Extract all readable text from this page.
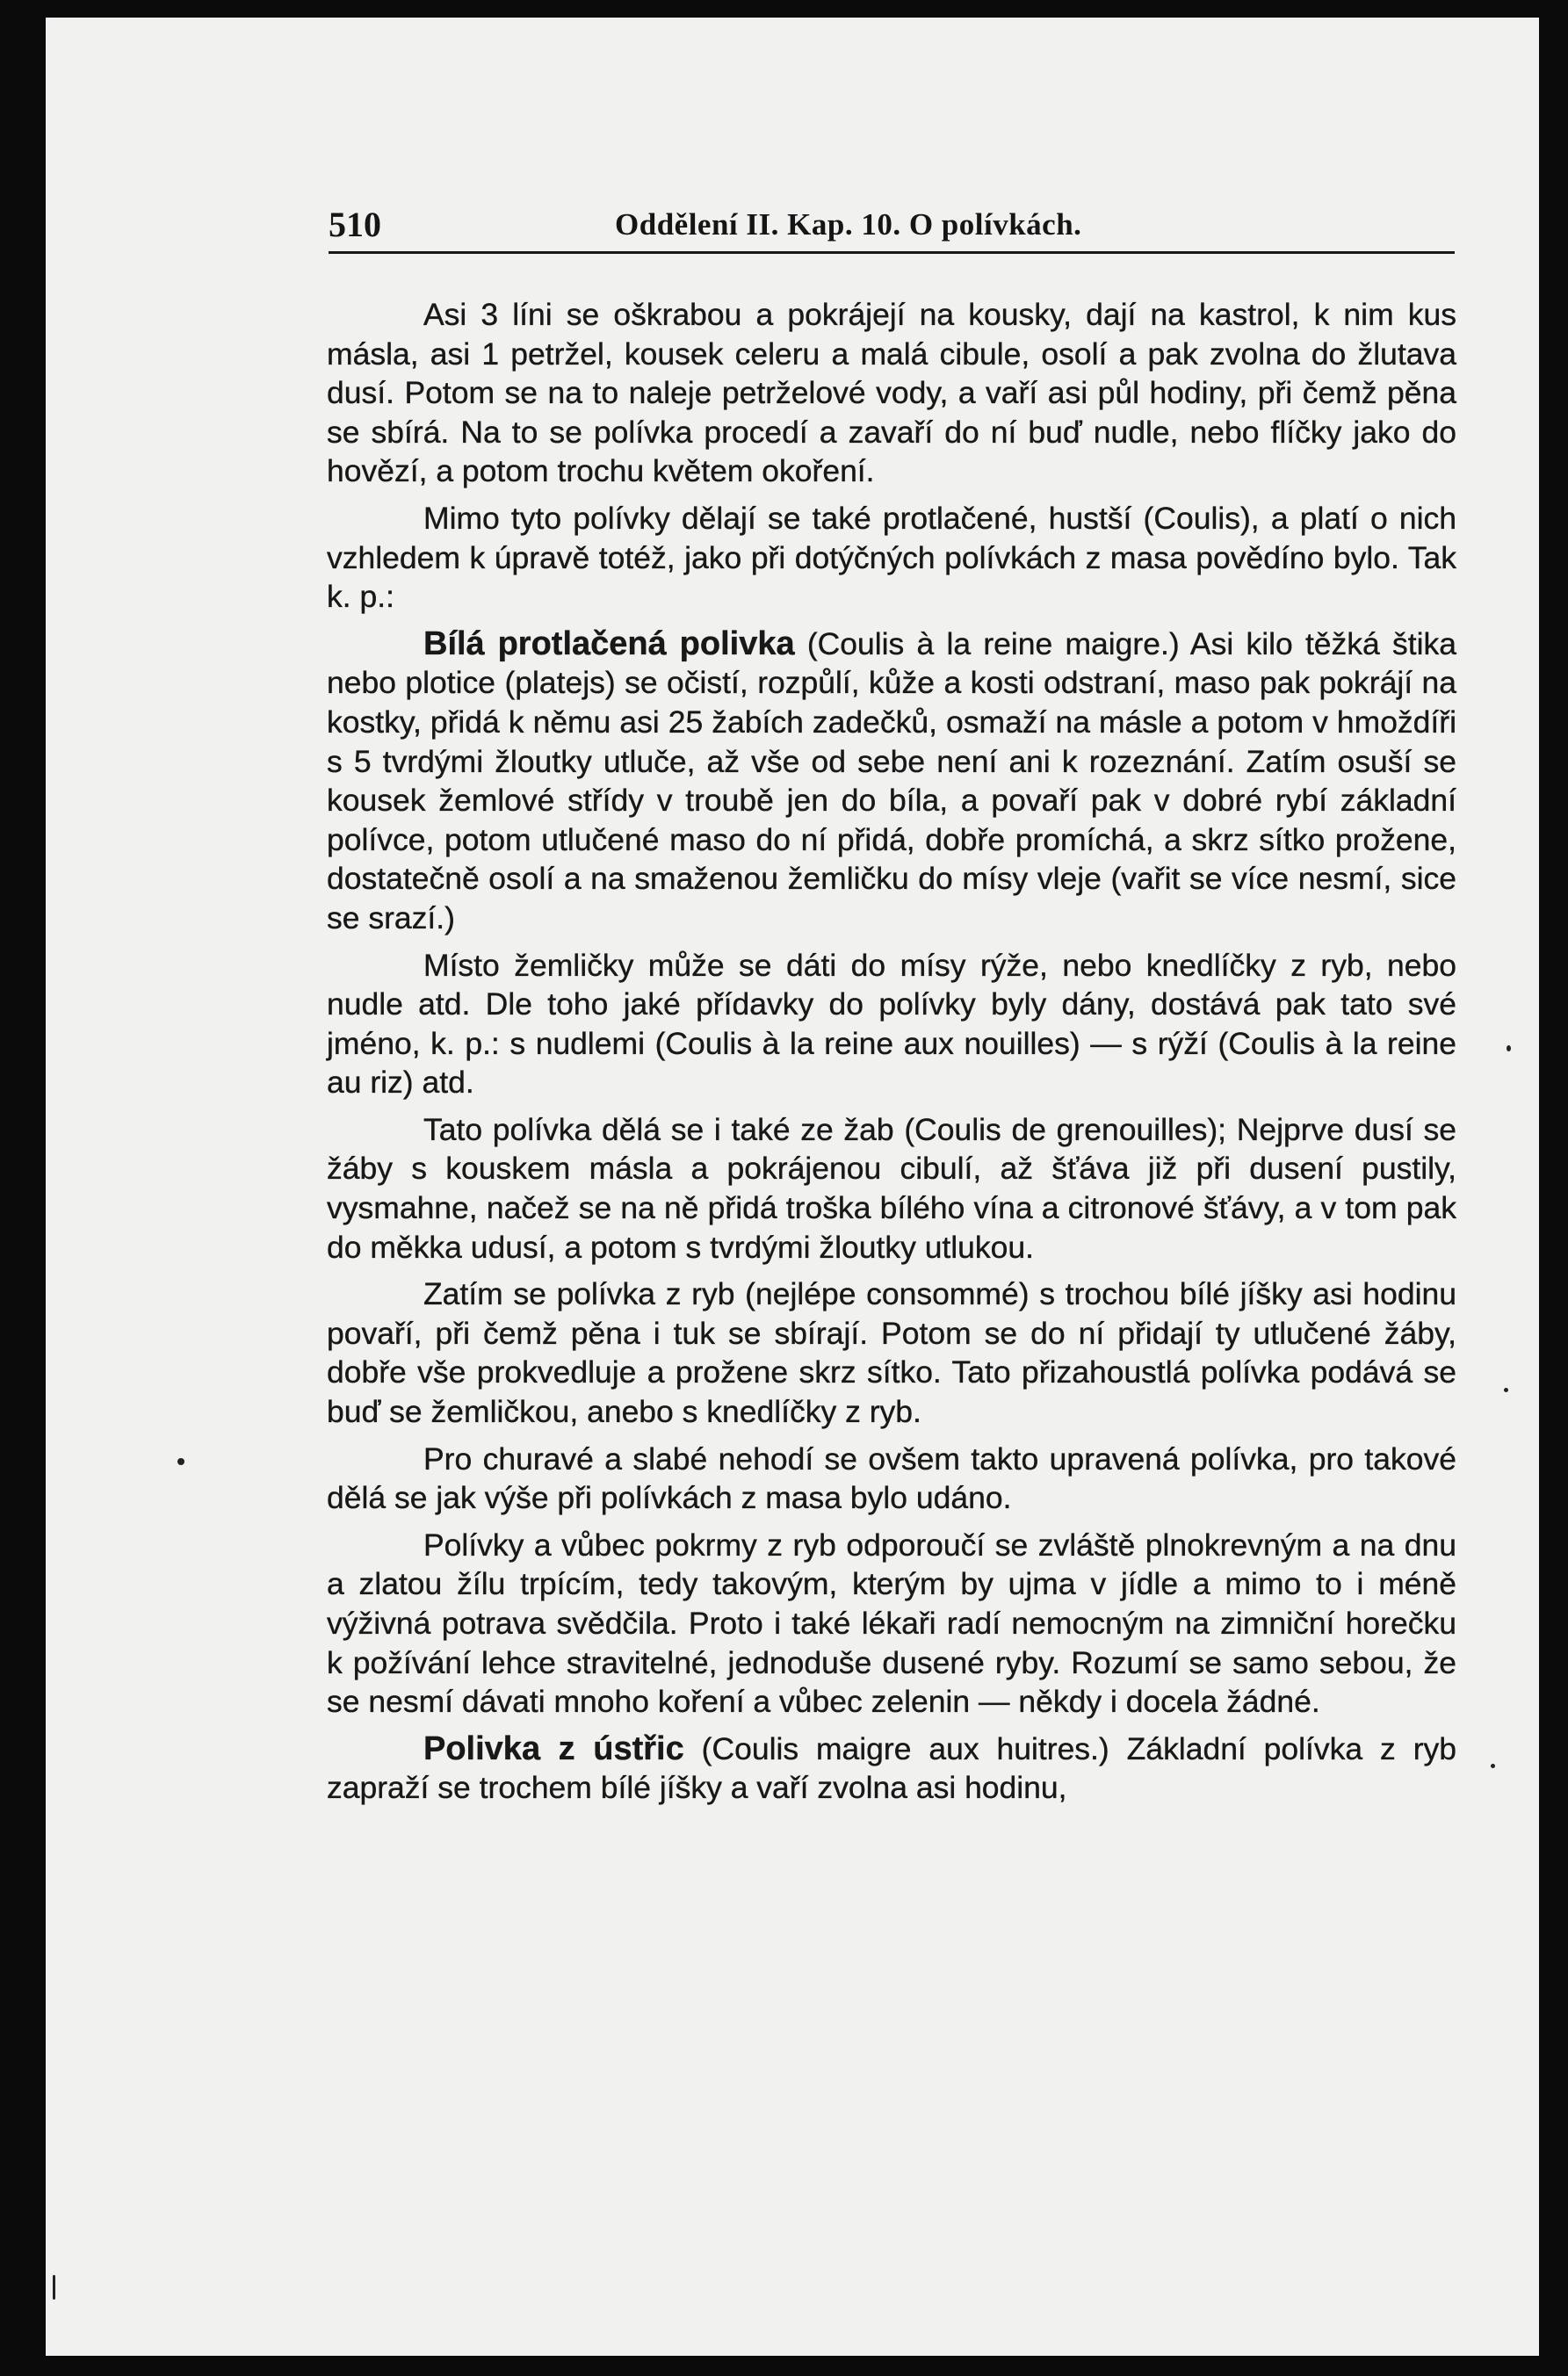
510	Oddělení II. Kap. 10. O polívkách.

Asi 3 líni se oškrabou a pokrájejí na kousky, dají na kastrol, k nim kus másla, asi 1 petržel, kousek celeru a malá cibule, osolí a pak zvolna do žlutava dusí. Potom se na to naleje petrželové vody, a vaří asi půl hodiny, při čemž pěna se sbírá. Na to se polívka procedí a zavaří do ní buď nudle, nebo flíčky jako do hovězí, a potom trochu květem okoření.

Mimo tyto polívky dělají se také protlačené, hustší (Coulis), a platí o nich vzhledem k úpravě totéž, jako při dotýčných polívkách z masa povědíno bylo. Tak k. p.:

Bílá protlačená polivka (Coulis à la reine maigre.) Asi kilo těžká štika nebo plotice (platejs) se očistí, rozpůlí, kůže a kosti odstraní, maso pak pokrájí na kostky, přidá k němu asi 25 žabích zadečků, osmaží na másle a potom v hmoždíři s 5 tvrdými žloutky utluče, až vše od sebe není ani k rozeznání. Zatím osuší se kousek žemlové střídy v troubě jen do bíla, a povaří pak v dobré rybí základní polívce, potom utlučené maso do ní přidá, dobře promíchá, a skrz sítko prožene, dostatečně osolí a na smaženou žemličku do mísy vleje (vařit se více nesmí, sice se srazí.)

Místo žemličky může se dáti do mísy rýže, nebo knedlíčky z ryb, nebo nudle atd. Dle toho jaké přídavky do polívky byly dány, dostává pak tato své jméno, k. p.: s nudlemi (Coulis à la reine aux nouilles) — s rýží (Coulis à la reine au riz) atd.

Tato polívka dělá se i také ze žab (Coulis de grenouilles); Nejprve dusí se žáby s kouskem másla a pokrájenou cibulí, až šťáva již při dusení pustily, vysmahne, načež se na ně přidá troška bílého vína a citronové šťávy, a v tom pak do měkka udusí, a potom s tvrdými žloutky utlukou.

Zatím se polívka z ryb (nejlépe consommé) s trochou bílé jíšky asi hodinu povaří, při čemž pěna i tuk se sbírají. Potom se do ní přidají ty utlučené žáby, dobře vše prokvedluje a prožene skrz sítko. Tato přizahoustlá polívka podává se buď se žemličkou, anebo s knedlíčky z ryb.

Pro churavé a slabé nehodí se ovšem takto upravená polívka, pro takové dělá se jak výše při polívkách z masa bylo udáno.

Polívky a vůbec pokrmy z ryb odporoučí se zvláště plnokrevným a na dnu a zlatou žílu trpícím, tedy takovým, kterým by ujma v jídle a mimo to i méně výživná potrava svědčila. Proto i také lékaři radí nemocným na zimniční horečku k požívání lehce stravitelné, jednoduše dusené ryby. Rozumí se samo sebou, že se nesmí dávati mnoho koření a vůbec zelenin — někdy i docela žádné.

Polivka z ústřic (Coulis maigre aux huitres.) Základní polívka z ryb zapraží se trochem bílé jíšky a vaří zvolna asi hodinu,
